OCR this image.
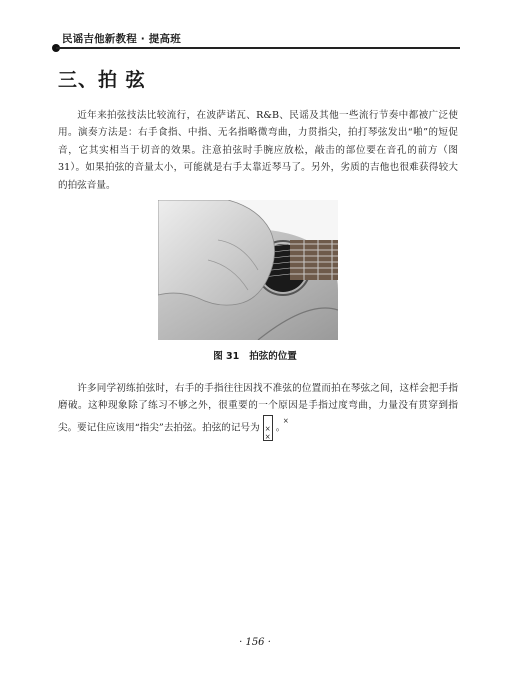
民谣吉他新教程 · 提高班
三、拍 弦

近年来拍弦技法比较流行，在波萨诺瓦、R&B、民谣及其他一些流行节奏中都被广泛使用。演奏方法是：右手食指、中指、无名指略微弯曲，力贯指尖，拍打琴弦发出“啪”的短促音，它其实相当于切音的效果。注意拍弦时手腕应放松，敲击的部位要在音孔的前方（图31）。如果拍弦的音量太小，可能就是右手太靠近琴马了。另外，劣质的吉他也很难获得较大的拍弦音量。

图 31 拍弦的位置

许多同学初练拍弦时，右手的手指往往因找不准弦的位置而拍在琴弦之间，这样会把手指磨破。这种现象除了练习不够之外，很重要的一个原因是手指过度弯曲，力量没有贯穿到指尖。要记住应该用“指尖”去拍弦。拍弦的记号为×
×
×。

· 156 ·
